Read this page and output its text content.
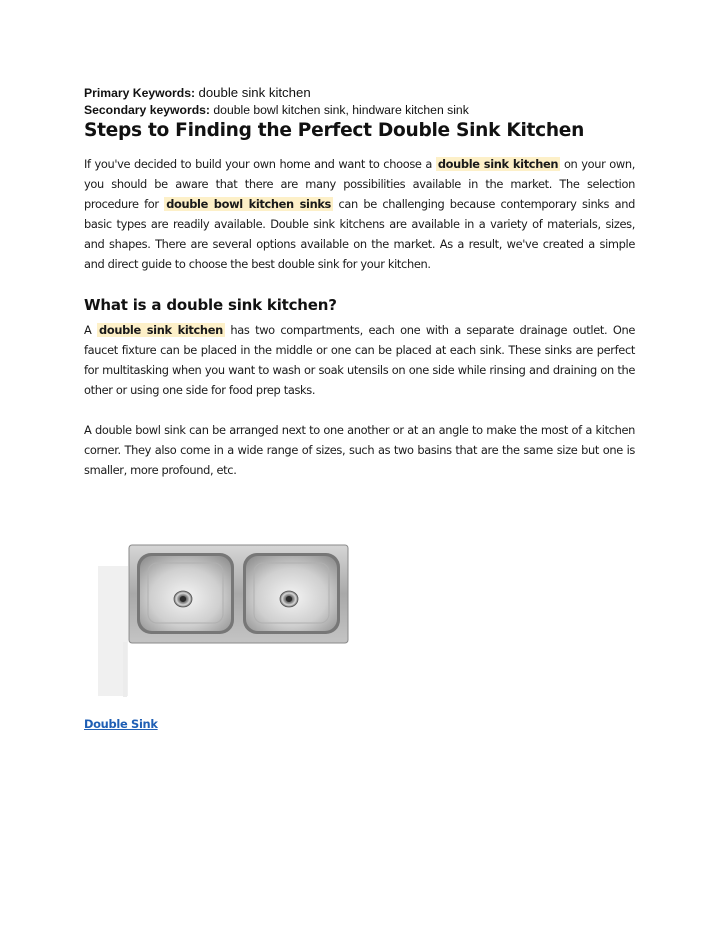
Primary Keywords: double sink kitchen
Secondary keywords: double bowl kitchen sink, hindware kitchen sink
Steps to Finding the Perfect Double Sink Kitchen

If you've decided to build your own home and want to choose a double sink kitchen on your own, you should be aware that there are many possibilities available in the market. The selection procedure for double bowl kitchen sinks can be challenging because contemporary sinks and basic types are readily available. Double sink kitchens are available in a variety of materials, sizes, and shapes. There are several options available on the market. As a result, we've created a simple and direct guide to choose the best double sink for your kitchen.

What is a double sink kitchen?

A double sink kitchen has two compartments, each one with a separate drainage outlet. One faucet fixture can be placed in the middle or one can be placed at each sink. These sinks are perfect for multitasking when you want to wash or soak utensils on one side while rinsing and draining on the other or using one side for food prep tasks.

A double bowl sink can be arranged next to one another or at an angle to make the most of a kitchen corner. They also come in a wide range of sizes, such as two basins that are the same size but one is smaller, more profound, etc.

Double Sink
